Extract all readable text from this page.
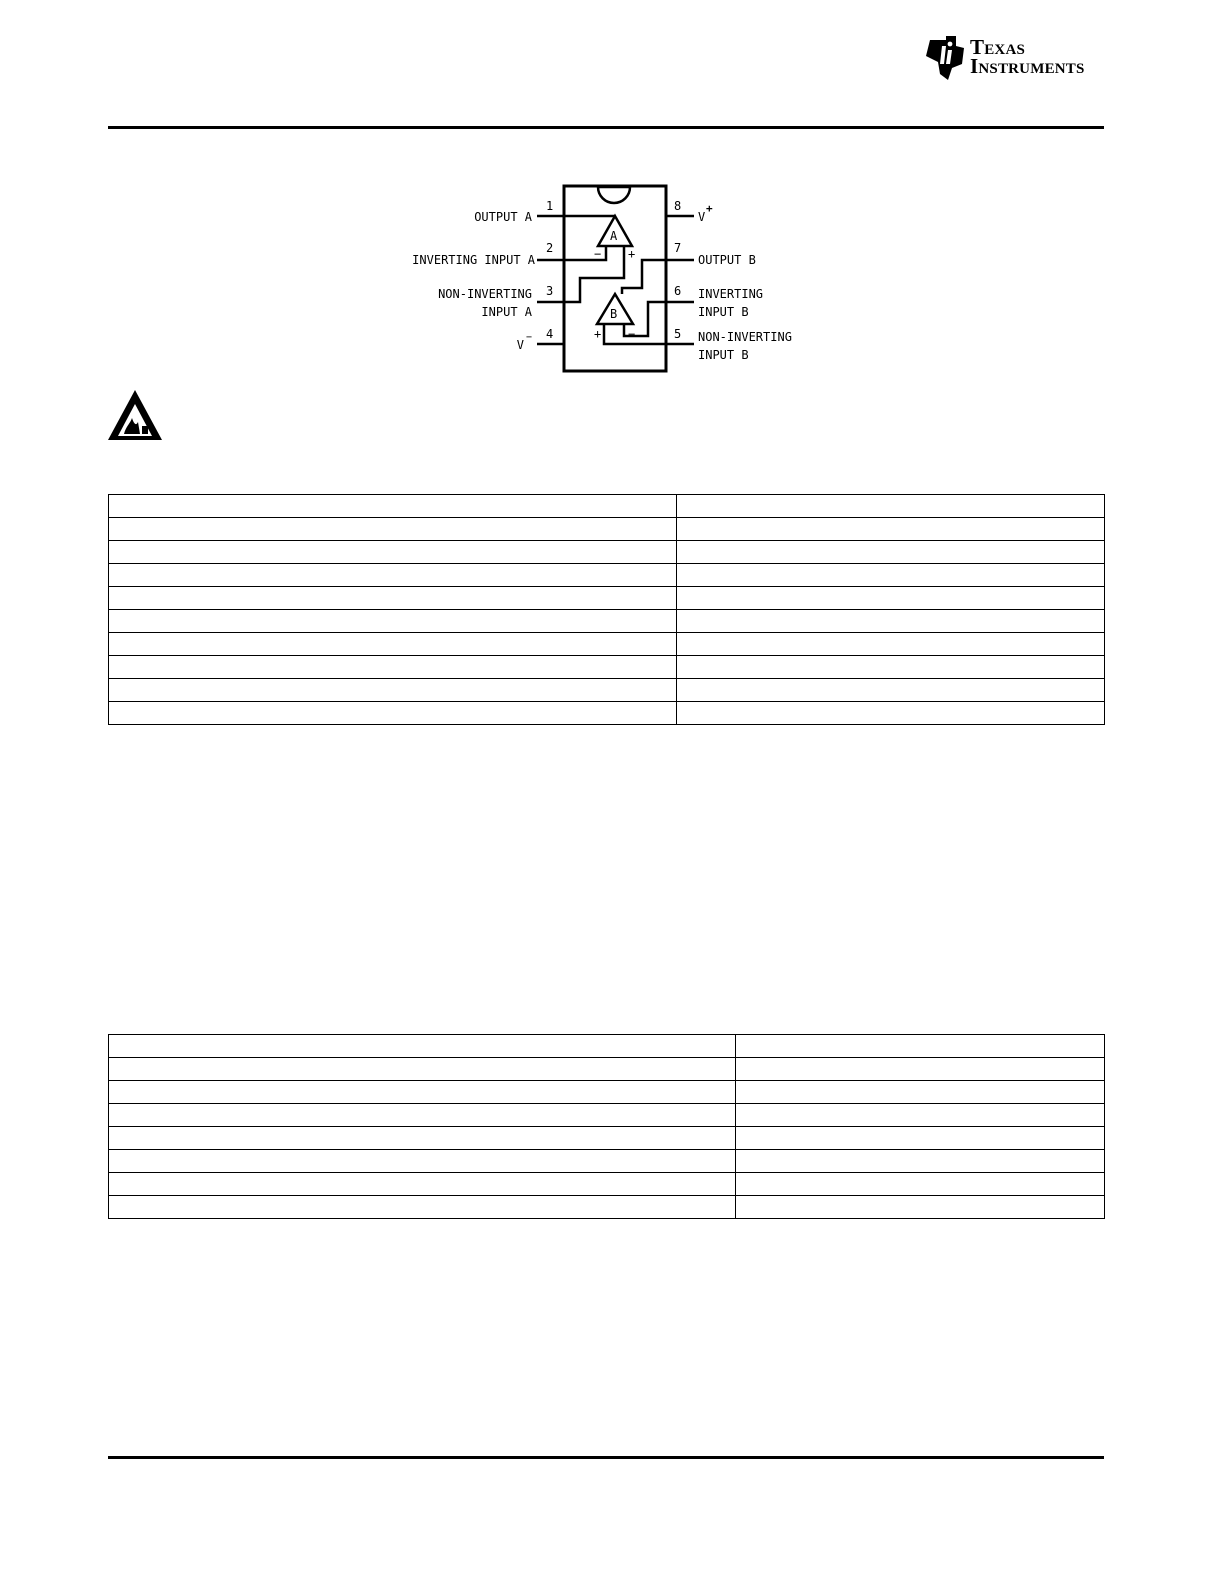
Texas
Instruments
A
− +
B
+ −
1
2
3
4	5
6
7
8
OUTPUT A
INVERTING INPUT A
NON-INVERTING
INPUT A
V
−
V
+
OUTPUT B
INVERTING
INPUT B
NON-INVERTING
INPUT B
